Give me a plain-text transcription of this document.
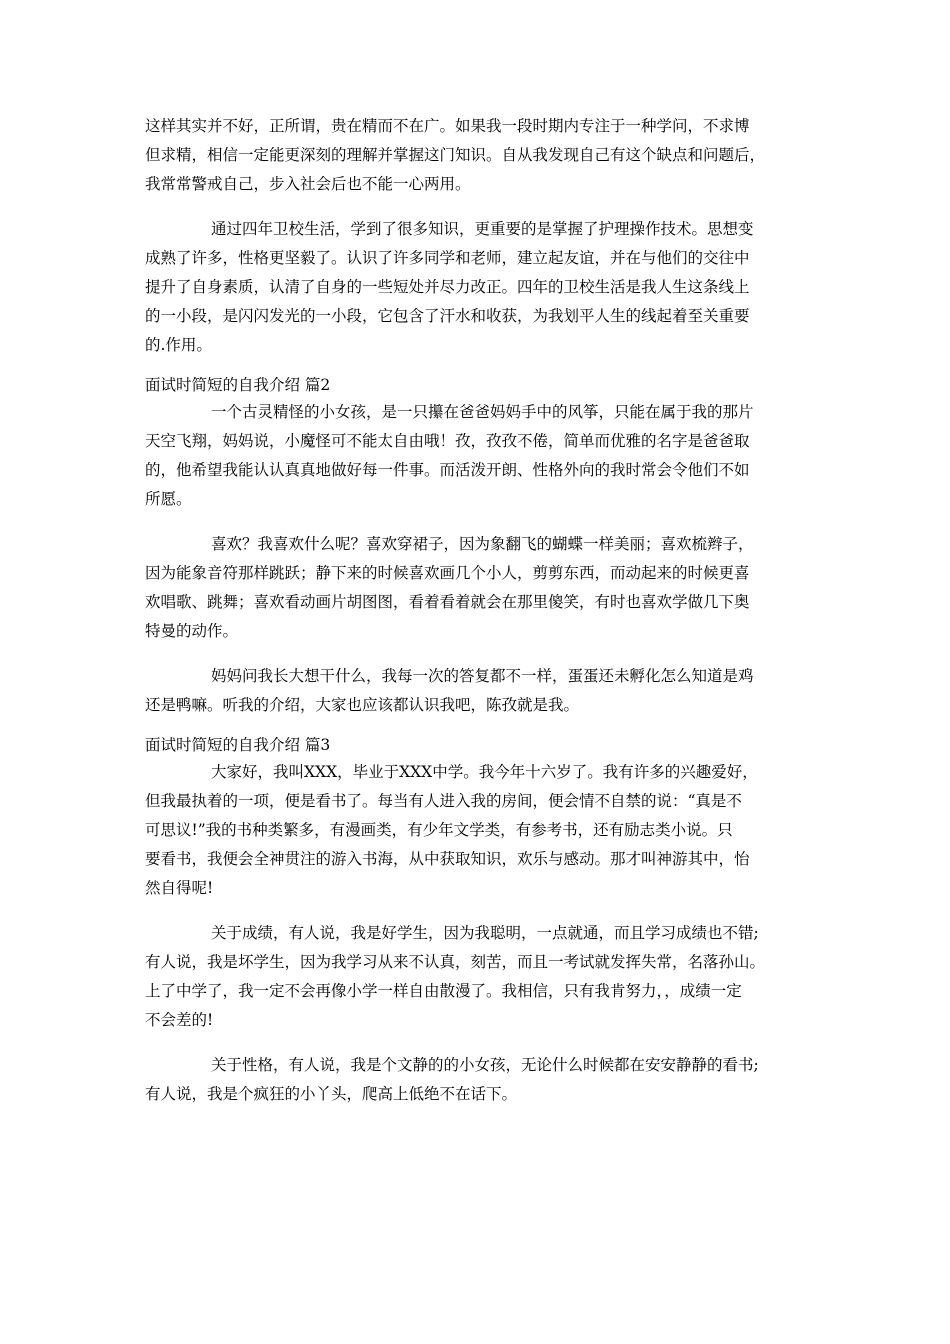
这样其实并不好，正所谓，贵在精而不在广。如果我一段时期内专注于一种学问，不求博
但求精，相信一定能更深刻的理解并掌握这门知识。自从我发现自己有这个缺点和问题后，
我常常警戒自己，步入社会后也不能一心两用。
通过四年卫校生活，学到了很多知识，更重要的是掌握了护理操作技术。思想变
成熟了许多，性格更坚毅了。认识了许多同学和老师，建立起友谊，并在与他们的交往中
提升了自身素质，认清了自身的一些短处并尽力改正。四年的卫校生活是我人生这条线上
的一小段，是闪闪发光的一小段，它包含了汗水和收获，为我划平人生的线起着至关重要
的.作用。
面试时简短的自我介绍 篇2
一个古灵精怪的小女孩，是一只攥在爸爸妈妈手中的风筝，只能在属于我的那片
天空飞翔，妈妈说，小魔怪可不能太自由哦！孜，孜孜不倦，简单而优雅的名字是爸爸取
的，他希望我能认认真真地做好每一件事。而活泼开朗、性格外向的我时常会令他们不如
所愿。
喜欢？我喜欢什么呢？喜欢穿裙子，因为象翻飞的蝴蝶一样美丽；喜欢梳辫子，
因为能象音符那样跳跃；静下来的时候喜欢画几个小人，剪剪东西，而动起来的时候更喜
欢唱歌、跳舞；喜欢看动画片胡图图，看着看着就会在那里傻笑，有时也喜欢学做几下奥
特曼的动作。
妈妈问我长大想干什么，我每一次的答复都不一样，蛋蛋还未孵化怎么知道是鸡
还是鸭嘛。听我的介绍，大家也应该都认识我吧，陈孜就是我。
面试时简短的自我介绍 篇3
大家好，我叫XXX，毕业于XXX中学。我今年十六岁了。我有许多的兴趣爱好，
但我最执着的一项，便是看书了。每当有人进入我的房间，便会情不自禁的说：“真是不
可思议!”我的书种类繁多，有漫画类，有少年文学类，有参考书，还有励志类小说。只
要看书，我便会全神贯注的游入书海，从中获取知识，欢乐与感动。那才叫神游其中，怡
然自得呢!
关于成绩，有人说，我是好学生，因为我聪明，一点就通，而且学习成绩也不错;
有人说，我是坏学生，因为我学习从来不认真，刻苦，而且一考试就发挥失常，名落孙山。
上了中学了，我一定不会再像小学一样自由散漫了。我相信，只有我肯努力，，成绩一定
不会差的!
关于性格，有人说，我是个文静的的小女孩，无论什么时候都在安安静静的看书;
有人说，我是个疯狂的小丫头，爬高上低绝不在话下。
